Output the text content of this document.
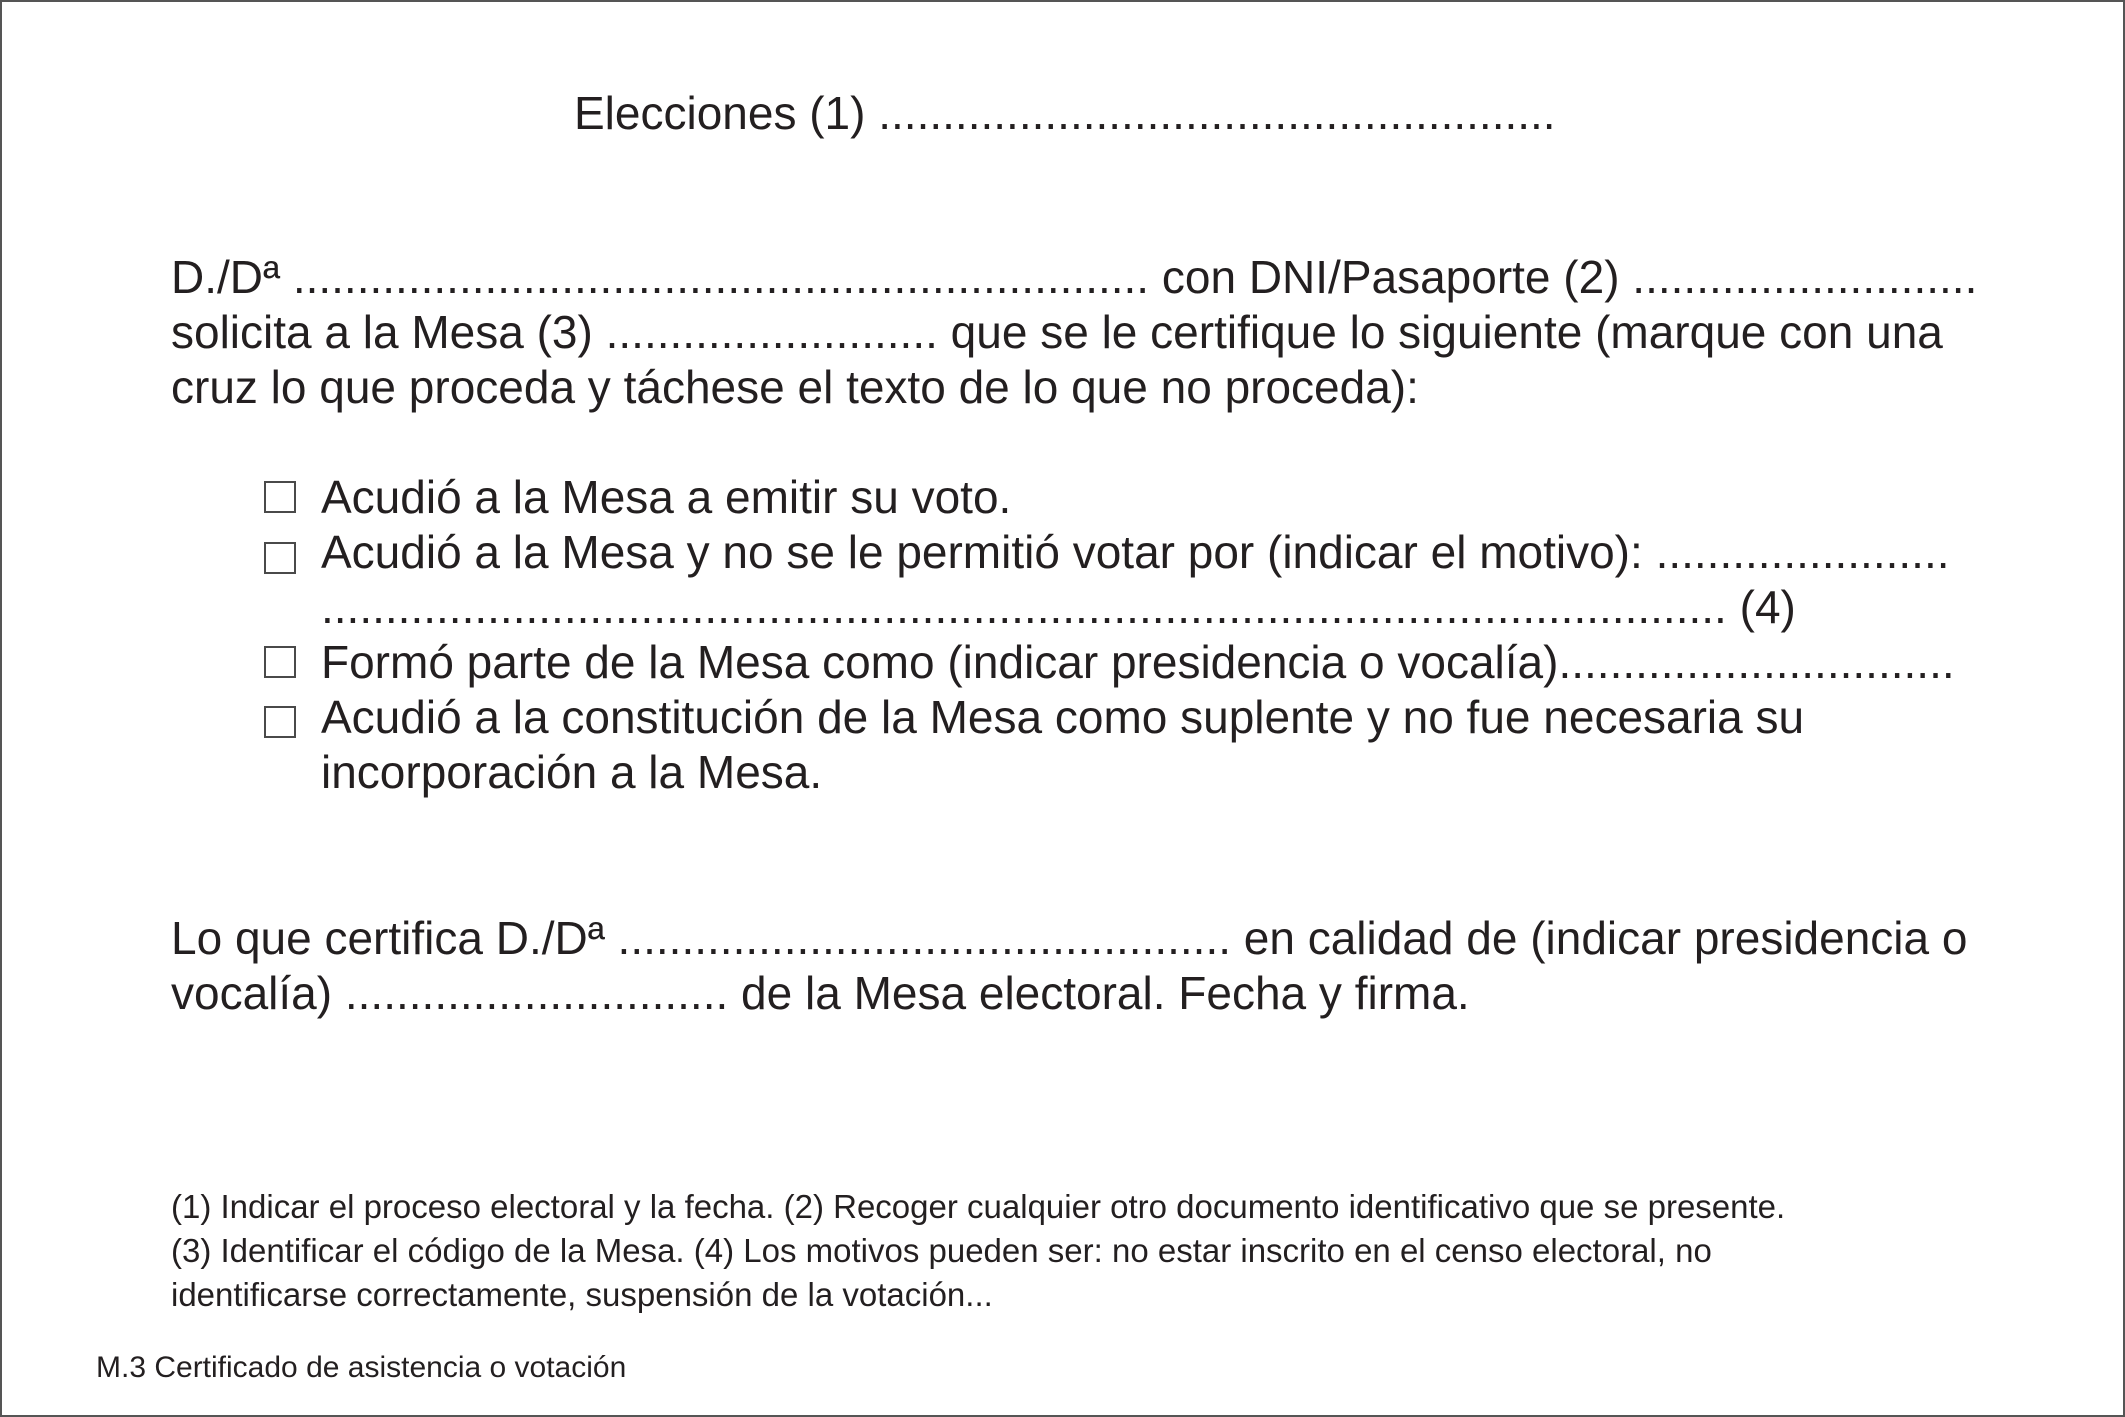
Elecciones (1) .....................................................
D./Dª ................................................................... con DNI/Pasaporte (2) ...........................
solicita a la Mesa (3) .......................... que se le certifique lo siguiente (marque con una
cruz lo que proceda y táchese el texto de lo que no proceda):
Acudió a la Mesa a emitir su voto.
Acudió a la Mesa y no se le permitió votar por (indicar el motivo): .......................
.............................................................................................................. (4)
Formó parte de la Mesa como (indicar presidencia o vocalía)...............................
Acudió a la constitución de la Mesa como suplente y no fue necesaria su
incorporación a la Mesa.
Lo que certifica D./Dª ................................................ en calidad de (indicar presidencia o
vocalía) .............................. de la Mesa electoral. Fecha y firma.
(1) Indicar el proceso electoral y la fecha. (2) Recoger cualquier otro documento identificativo que se presente.
(3) Identificar el código de la Mesa. (4) Los motivos pueden ser: no estar inscrito en el censo electoral, no
identificarse correctamente, suspensión de la votación...
M.3 Certificado de asistencia o votación
